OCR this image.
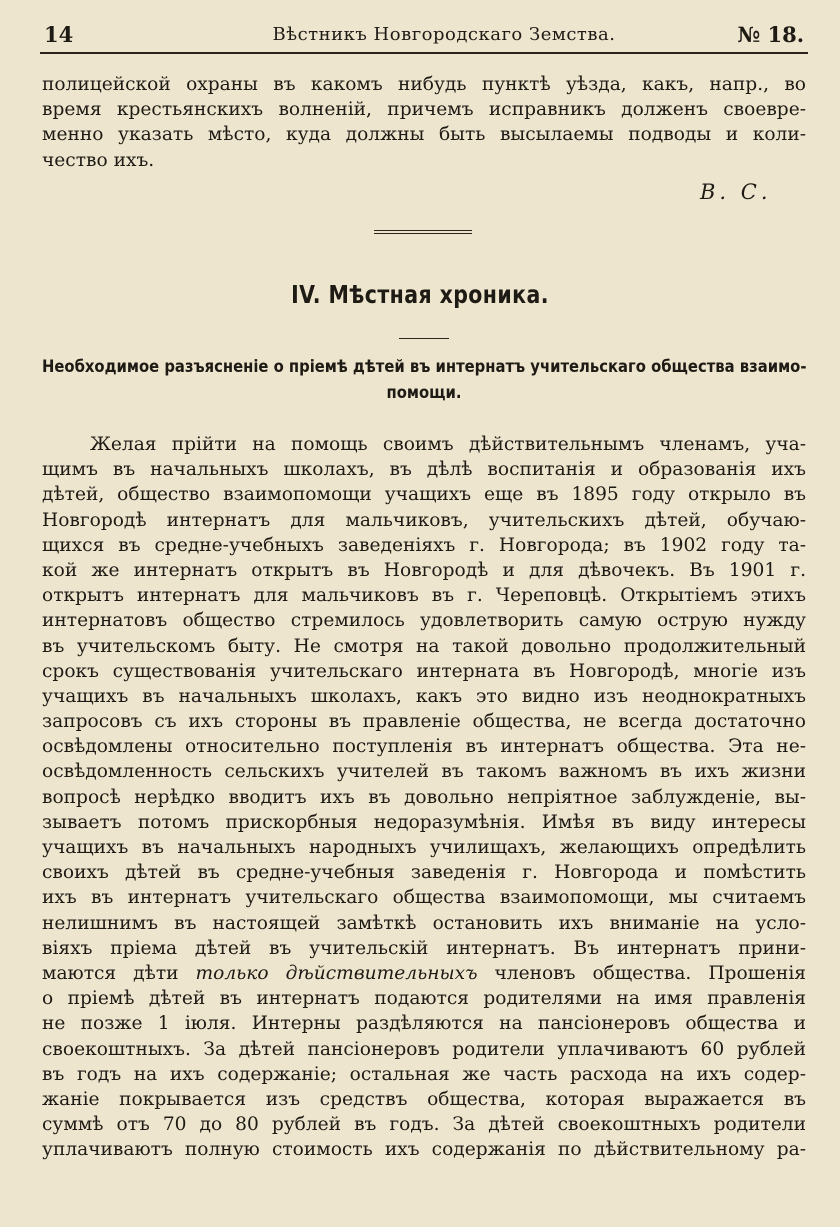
14	Вѣстникъ Новгородскаго Земства.	№ 18.
полицейской охраны въ какомъ нибудь пунктѣ уѣзда, какъ, напр., во
время крестьянскихъ волненій, причемъ исправникъ долженъ своевре-
менно указать мѣсто, куда должны быть высылаемы подводы и коли-
чество ихъ.
В. С.
IV. Мѣстная хроника.
Необходимое разъясненіе о пріемѣ дѣтей въ интернатъ учительскаго общества взаимо-
помощи.
Желая прійти на помощь своимъ дѣйствительнымъ членамъ, уча-
щимъ въ начальныхъ школахъ, въ дѣлѣ воспитанія и образованія ихъ
дѣтей, общество взаимопомощи учащихъ еще въ 1895 году открыло въ
Новгородѣ интернатъ для мальчиковъ, учительскихъ дѣтей, обучаю-
щихся въ средне-учебныхъ заведеніяхъ г. Новгорода; въ 1902 году та-
кой же интернатъ открытъ въ Новгородѣ и для дѣвочекъ. Въ 1901 г.
открытъ интернатъ для мальчиковъ въ г. Череповцѣ. Открытіемъ этихъ
интернатовъ общество стремилось удовлетворить самую острую нужду
въ учительскомъ быту. Не смотря на такой довольно продолжительный
срокъ существованія учительскаго интерната въ Новгородѣ, многіе изъ
учащихъ въ начальныхъ школахъ, какъ это видно изъ неоднократныхъ
запросовъ съ ихъ стороны въ правленіе общества, не всегда достаточно
освѣдомлены относительно поступленія въ интернатъ общества. Эта не-
освѣдомленность сельскихъ учителей въ такомъ важномъ въ ихъ жизни
вопросѣ нерѣдко вводитъ ихъ въ довольно непріятное заблужденіе, вы-
зываетъ потомъ прискорбныя недоразумѣнія. Имѣя въ виду интересы
учащихъ въ начальныхъ народныхъ училищахъ, желающихъ опредѣлить
своихъ дѣтей въ средне-учебныя заведенія г. Новгорода и помѣстить
ихъ въ интернатъ учительскаго общества взаимопомощи, мы считаемъ
нелишнимъ въ настоящей замѣткѣ остановить ихъ вниманіе на усло-
віяхъ пріема дѣтей въ учительскій интернатъ. Въ интернатъ прини-
маются дѣти только дѣйствительныхъ членовъ общества. Прошенія
о пріемѣ дѣтей въ интернатъ подаются родителями на имя правленія
не позже 1 іюля. Интерны раздѣляются на пансіонеровъ общества и
своекоштныхъ. За дѣтей пансіонеровъ родители уплачиваютъ 60 рублей
въ годъ на ихъ содержаніе; остальная же часть расхода на ихъ содер-
жаніе покрывается изъ средствъ общества, которая выражается въ
суммѣ отъ 70 до 80 рублей въ годъ. За дѣтей своекоштныхъ родители
уплачиваютъ полную стоимость ихъ содержанія по дѣйствительному ра-
